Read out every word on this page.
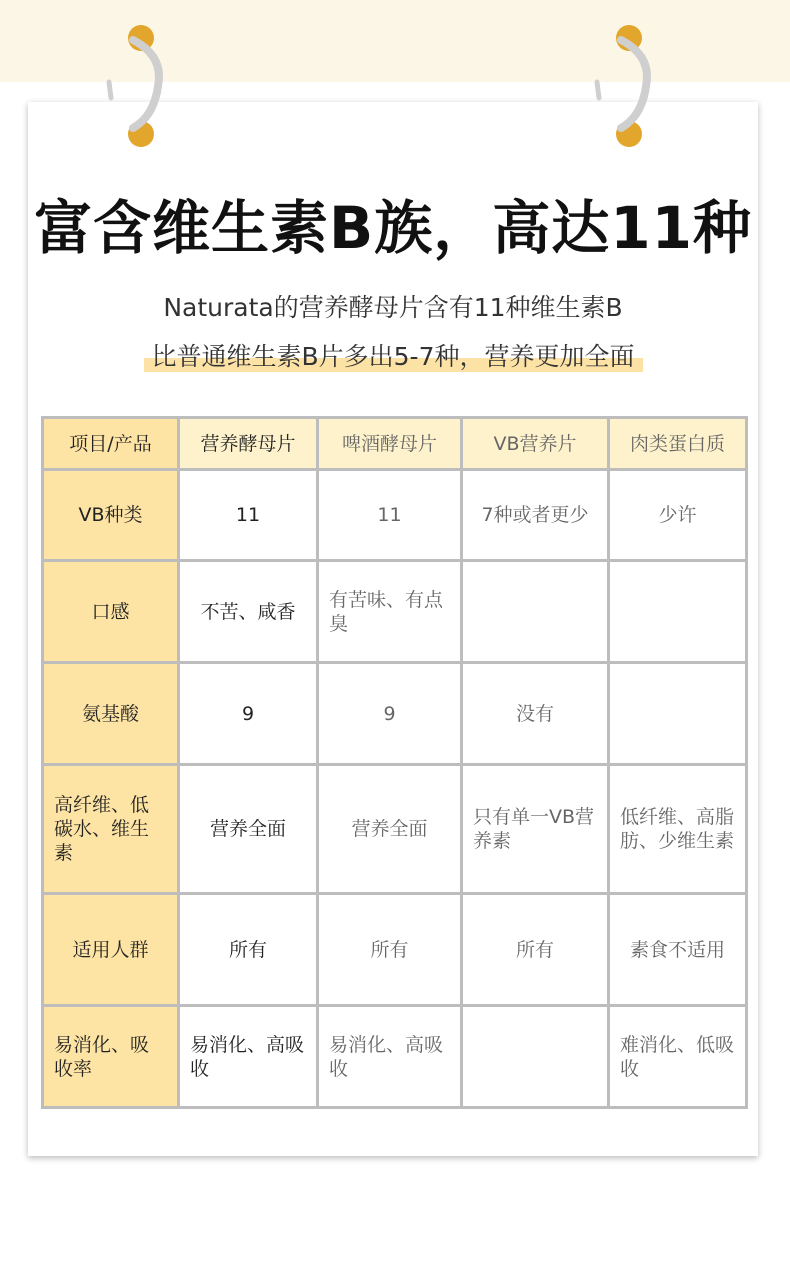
富含维生素B族，高达11种
Naturata的营养酵母片含有11种维生素B
比普通维生素B片多出5-7种，营养更加全面
项目/产品	营养酵母片	啤酒酵母片	VB营养片	肉类蛋白质
VB种类	11	11	7种或者更少	少许
口感	不苦、咸香	有苦味、有点臭		
氨基酸	9	9	没有	
高纤维、低碳水、维生素	营养全面	营养全面	只有单一VB营养素	低纤维、高脂肪、少维生素
适用人群	所有	所有	所有	素食不适用
易消化、吸收率	易消化、高吸收	易消化、高吸收		难消化、低吸收
